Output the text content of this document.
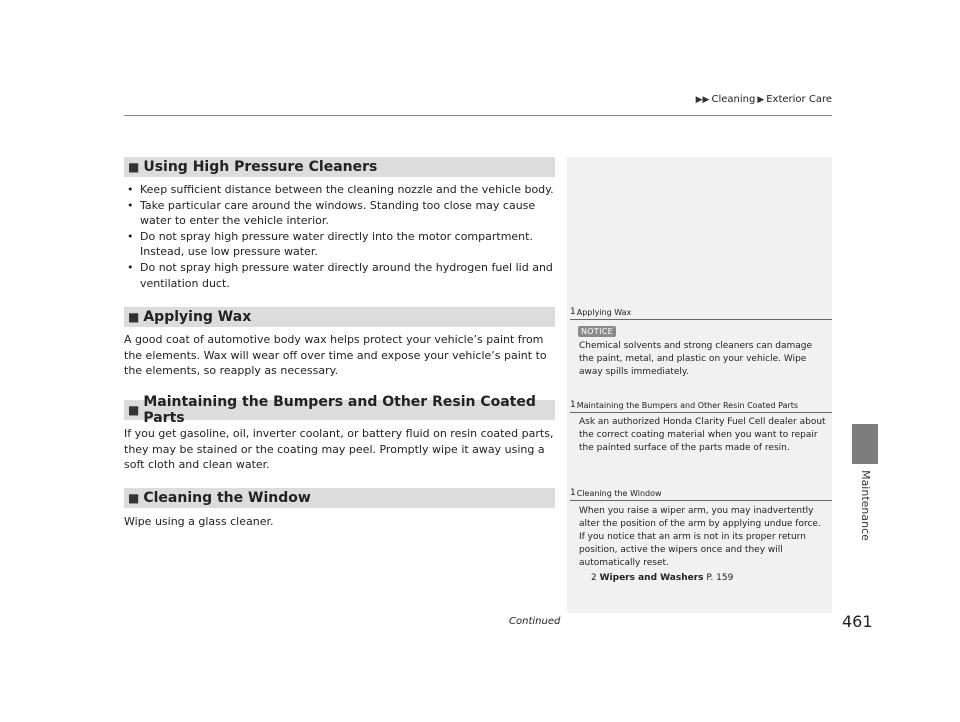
▶▶ Cleaning ▶ Exterior Care
Maintenance
■ Using High Pressure Cleaners
• Keep sufficient distance between the cleaning nozzle and the vehicle body.
• Take particular care around the windows. Standing too close may cause water to enter the vehicle interior.
• Do not spray high pressure water directly into the motor compartment. Instead, use low pressure water.
• Do not spray high pressure water directly around the hydrogen fuel lid and ventilation duct.
■ Applying Wax

A good coat of automotive body wax helps protect your vehicle’s paint from the elements. Wax will wear off over time and expose your vehicle’s paint to the elements, so reapply as necessary.

■ Maintaining the Bumpers and Other Resin Coated Parts

If you get gasoline, oil, inverter coolant, or battery fluid on resin coated parts, they may be stained or the coating may peel. Promptly wipe it away using a soft cloth and clean water.

■ Cleaning the Window

Wipe using a glass cleaner.

1 Applying Wax
NOTICE

Chemical solvents and strong cleaners can damage the paint, metal, and plastic on your vehicle. Wipe away spills immediately.

1 Maintaining the Bumpers and Other Resin Coated Parts

Ask an authorized Honda Clarity Fuel Cell dealer about the correct coating material when you want to repair the painted surface of the parts made of resin.

1 Cleaning the Window

When you raise a wiper arm, you may inadvertently alter the position of the arm by applying undue force. If you notice that an arm is not in its proper return position, active the wipers once and they will automatically reset.

2 Wipers and Washers P. 159
Continued	461
